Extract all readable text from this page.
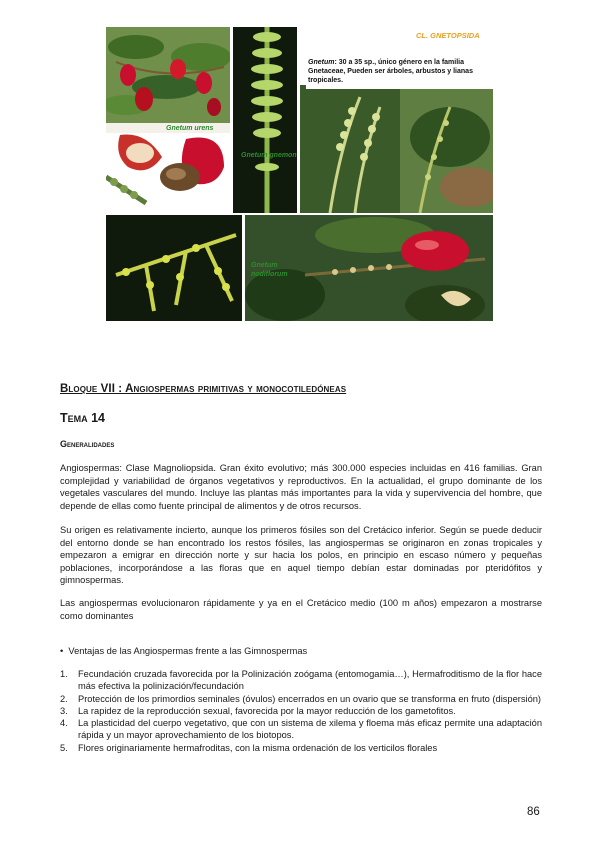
Gnetum urens
Gnetum gnemon
CL. GNETOPSIDA
Gnetum: 30 a 35 sp., único género en la familia Gnetaceae, Pueden ser árboles, arbustos y lianas tropicales.
Gnetum
nodiflorum
Bloque VII : Angiospermas primitivas y monocotiledóneas
Tema 14
Generalidades
Angiospermas: Clase Magnoliopsida. Gran éxito evolutivo; más 300.000 especies incluidas en 416 familias. Gran complejidad y variabilidad de órganos vegetativos y reproductivos. En la actualidad, el grupo dominante de los vegetales vasculares del mundo. Incluye las plantas más importantes para la vida y supervivencia del hombre, que depende de ellas como fuente principal de alimentos y de otros recursos.
Su origen es relativamente incierto, aunque los primeros fósiles son del Cretácico inferior. Según se puede deducir del entorno donde se han encontrado los restos fósiles, las angiospermas se originaron en zonas tropicales y empezaron a emigrar en dirección norte y sur hacia los polos, en principio en escaso número y pequeñas poblaciones, incorporándose a las floras que en aquel tiempo debían estar dominadas por pteridófitos y gimnospermas.
Las angiospermas evolucionaron rápidamente y ya en el Cretácico medio (100 m años) empezaron a mostrarse como dominantes
•  Ventajas de las Angiospermas frente a las Gimnospermas
1. Fecundación cruzada favorecida por la Polinización zoógama (entomogamia…), Hermafroditismo de la flor hace más efectiva la polinización/fecundación
2. Protección de los primordios seminales (óvulos) encerrados en un ovario que se transforma en fruto (dispersión)
3. La rapidez de la reproducción sexual, favorecida por la mayor reducción de los gametofitos.
4. La plasticidad del cuerpo vegetativo, que con un sistema de xilema y floema más eficaz permite una adaptación rápida y un mayor aprovechamiento de los biotopos.
5. Flores originariamente hermafroditas, con la misma ordenación de los verticilos florales
86
